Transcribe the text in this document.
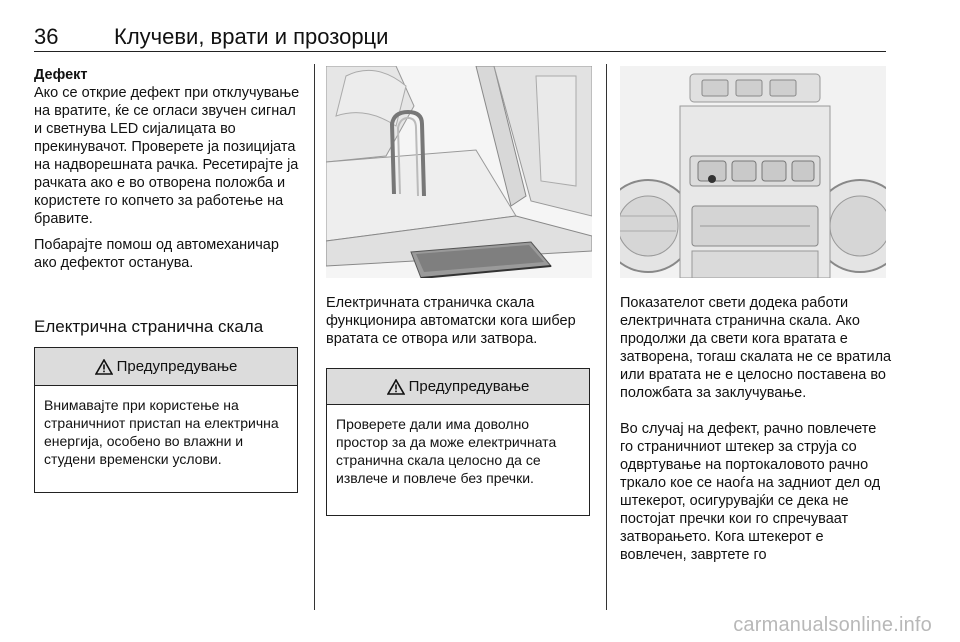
36	Клучеви, врати и прозорци
Дефект

Ако се открие дефект при отклучување на вратите, ќе се огласи звучен сигнал и светнува LED сијалицата во прекинувачот. Проверете ја позицијата на надворешната рачка. Ресетирајте ја рачката ако е во отворена положба и користете го копчето за работење на бравите.

Побарајте помош од автомеханичар ако дефектот останува.

Електрична странична скала
Предупредување
Внимавајте при користење на страничниот пристап на електрична енергија, особено во влажни и студени временски услови.
Електричната страничка скала функционира автоматски кога шибер вратата се отвора или затвора.
Предупредување
Проверете дали има доволно простор за да може електричната странична скала целосно да се извлече и повлече без пречки.
Показателот свети додека работи електричната странична скала. Ако продолжи да свети кога вратата е затворена, тогаш скалата не се вратила или вратата не е целосно поставена во положбата за заклучување.
Во случај на дефект, рачно повлечете го страничниот штекер за струја со одвртување на портокаловото рачно тркало кое се наоѓа на задниот дел од штекерот, осигурувајќи се дека не постојат пречки кои го спречуваат затворањето. Кога штекерот е вовлечен, завртете го
carmanualsonline.info
